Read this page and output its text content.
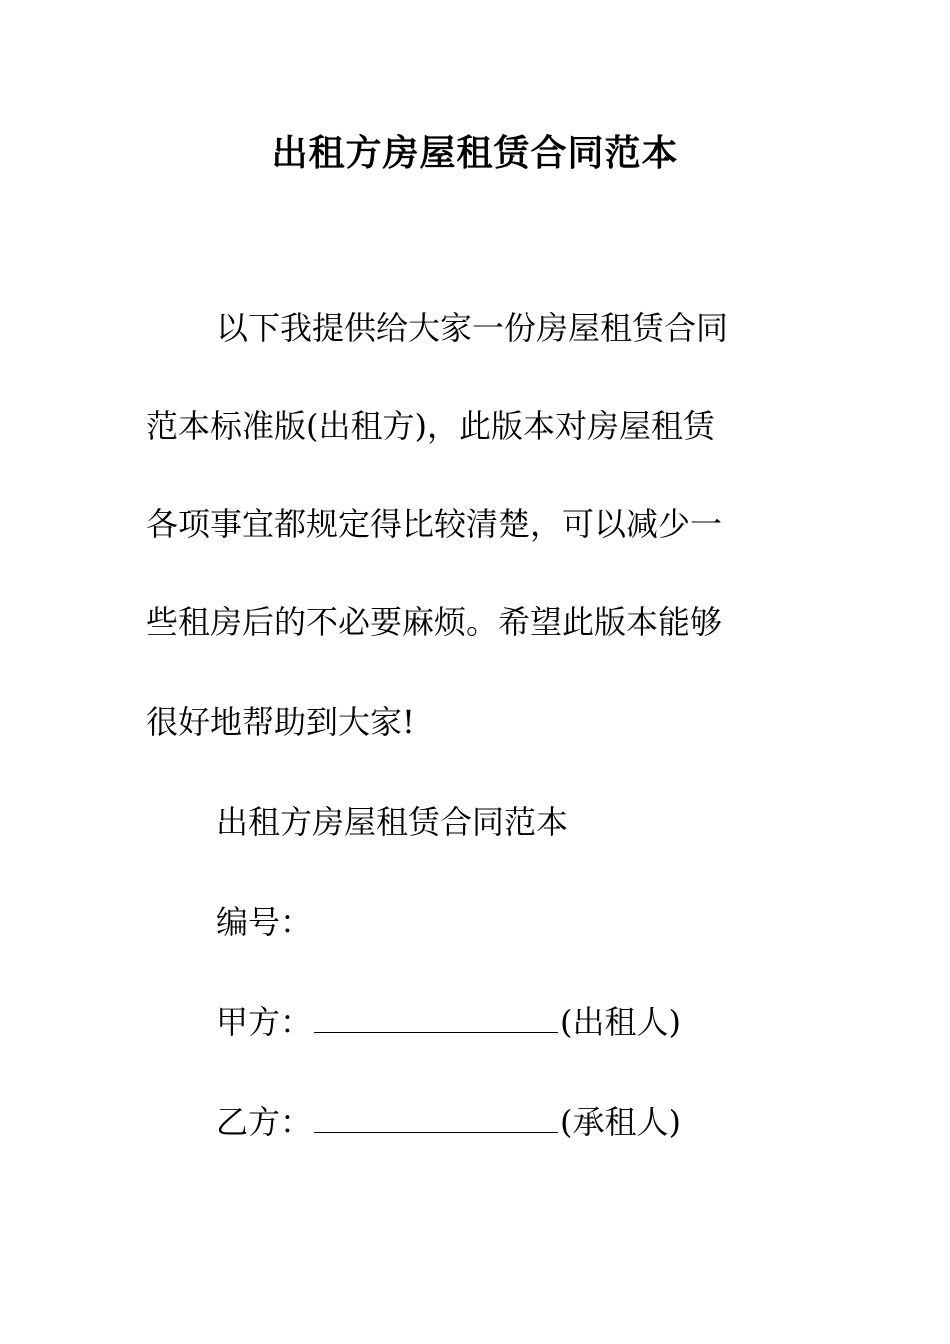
出租方房屋租赁合同范本
以下我提供给大家一份房屋租赁合同
范本标准版(出租方)，此版本对房屋租赁
各项事宜都规定得比较清楚，可以减少一
些租房后的不必要麻烦。希望此版本能够
很好地帮助到大家!
出租方房屋租赁合同范本
编号：
甲方：	(出租人)
乙方：	(承租人)
